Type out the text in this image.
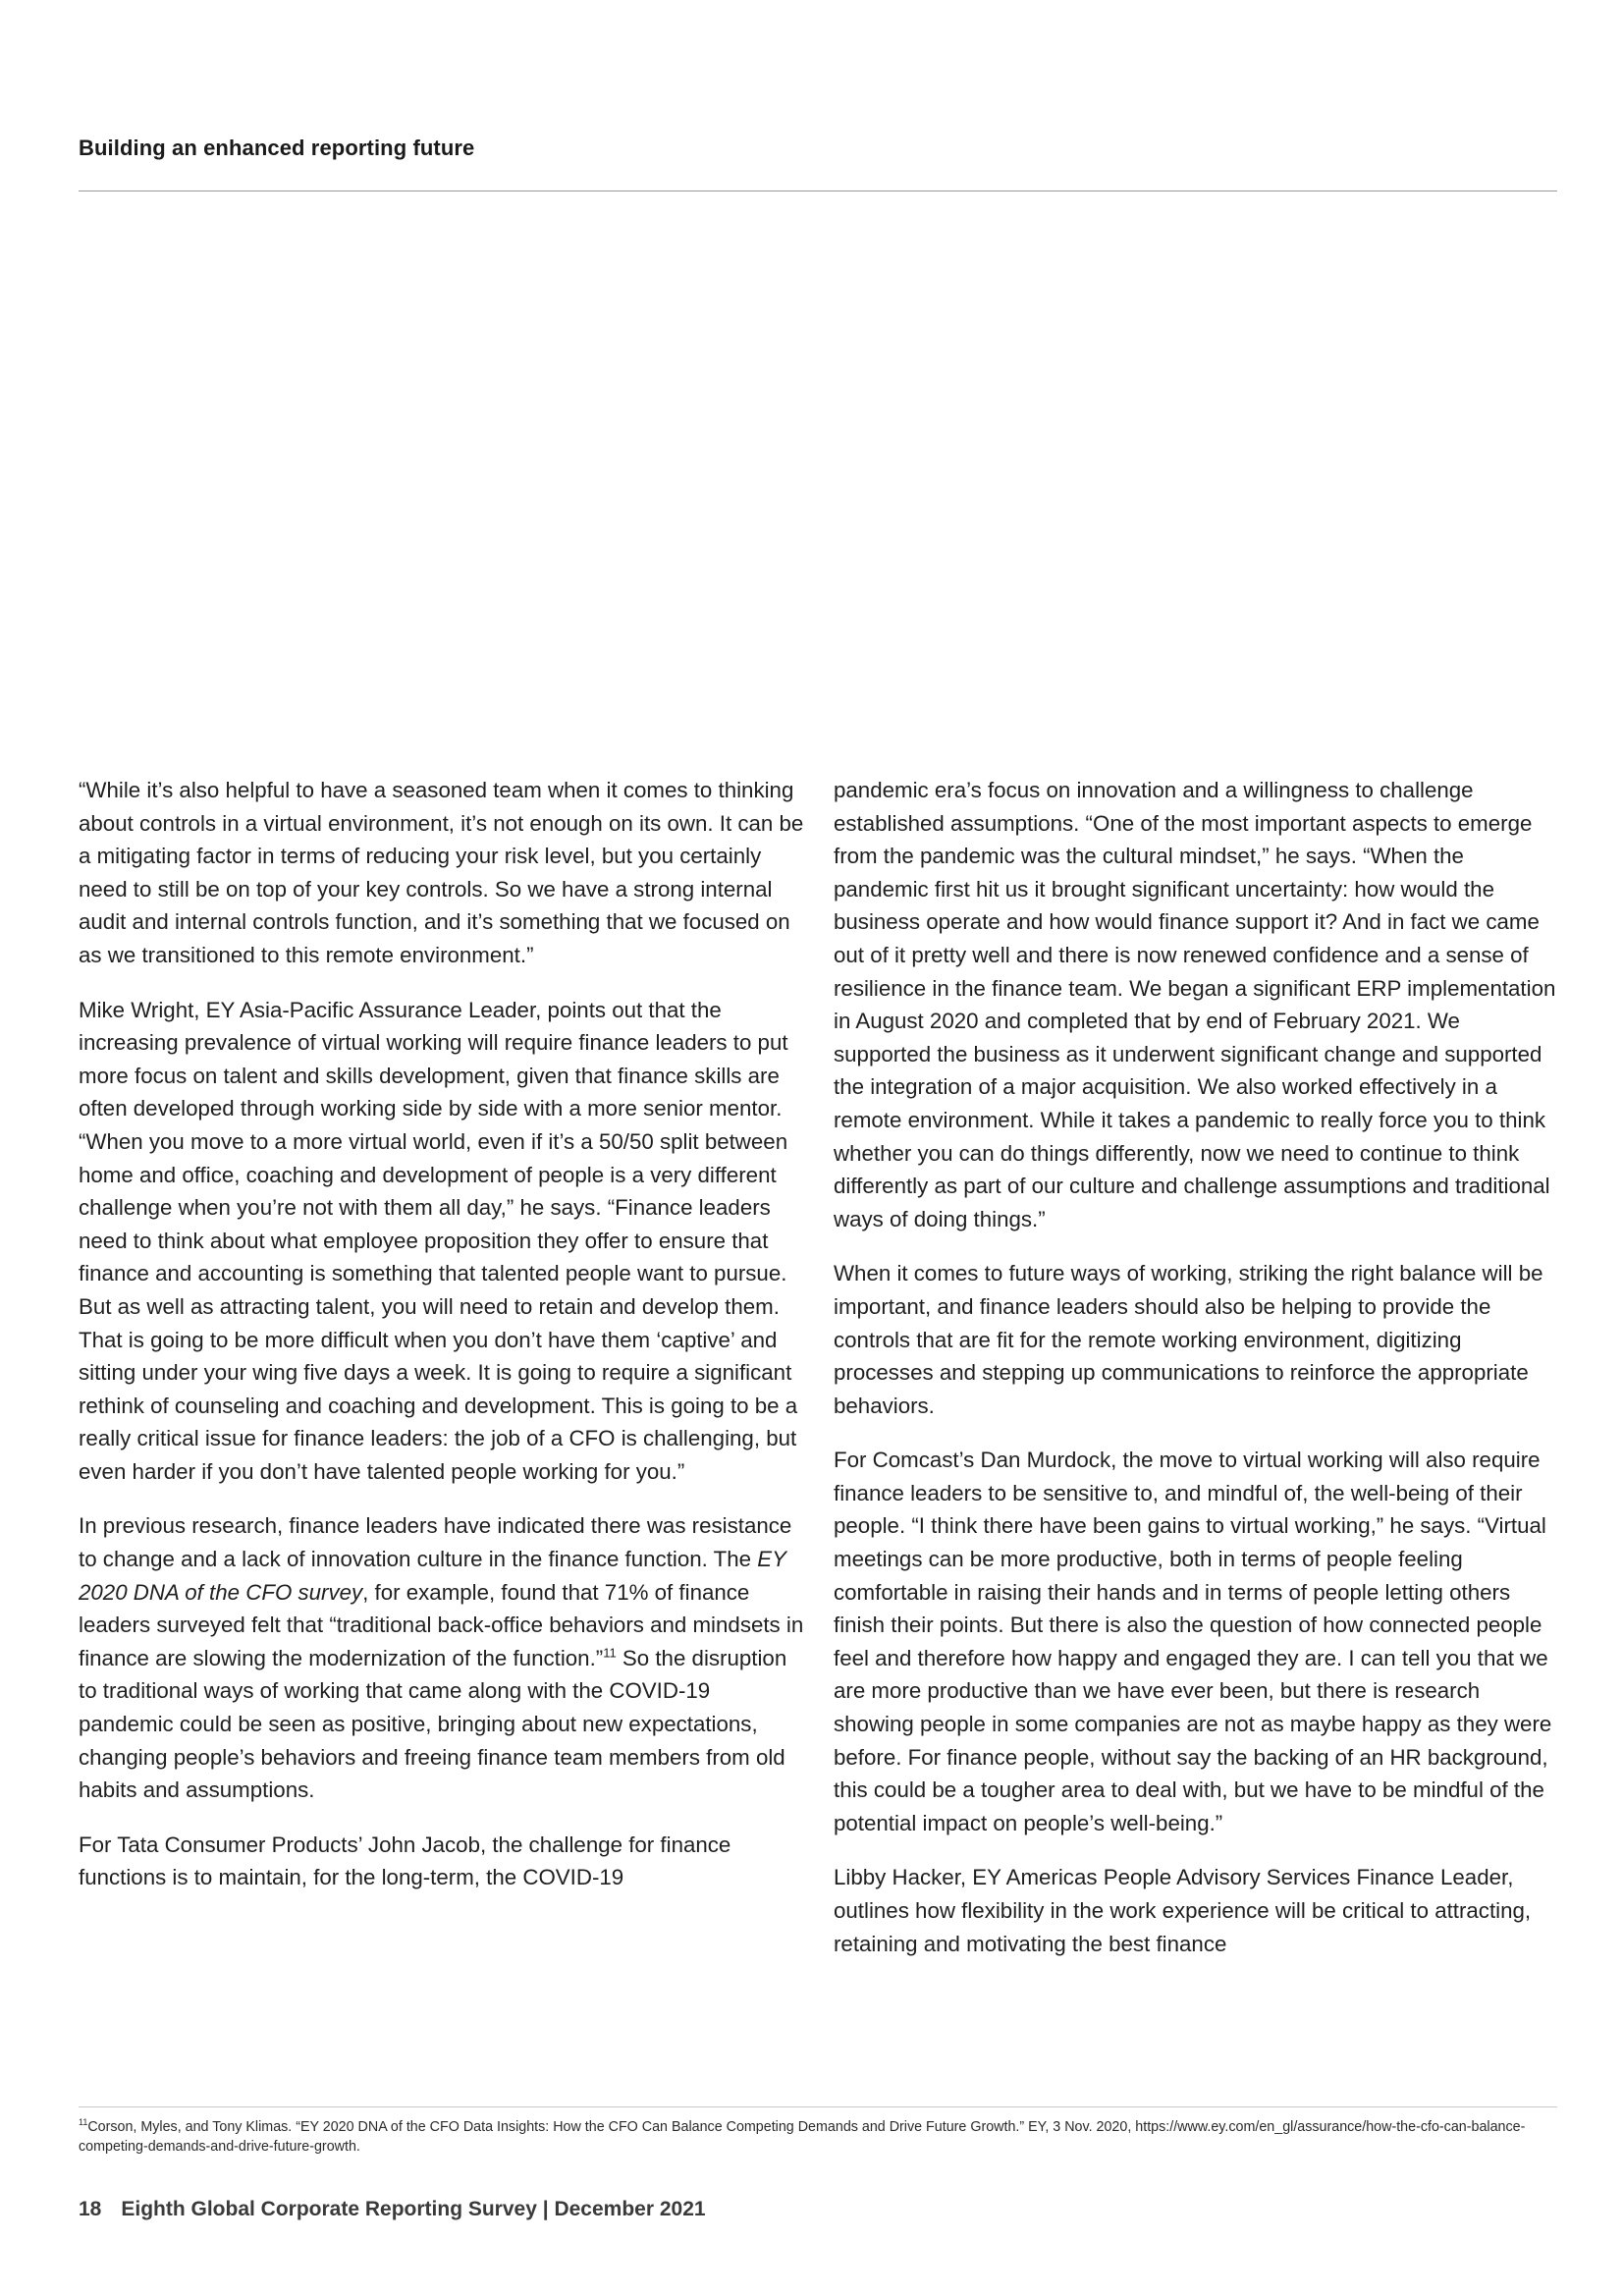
Building an enhanced reporting future

“While it’s also helpful to have a seasoned team when it comes to thinking about controls in a virtual environment, it’s not enough on its own. It can be a mitigating factor in terms of reducing your risk level, but you certainly need to still be on top of your key controls. So we have a strong internal audit and internal controls function, and it’s something that we focused on as we transitioned to this remote environment.”

Mike Wright, EY Asia-Pacific Assurance Leader, points out that the increasing prevalence of virtual working will require finance leaders to put more focus on talent and skills development, given that finance skills are often developed through working side by side with a more senior mentor. “When you move to a more virtual world, even if it’s a 50/50 split between home and office, coaching and development of people is a very different challenge when you’re not with them all day,” he says. “Finance leaders need to think about what employee proposition they offer to ensure that finance and accounting is something that talented people want to pursue. But as well as attracting talent, you will need to retain and develop them. That is going to be more difficult when you don’t have them ‘captive’ and sitting under your wing five days a week. It is going to require a significant rethink of counseling and coaching and development. This is going to be a really critical issue for finance leaders: the job of a CFO is challenging, but even harder if you don’t have talented people working for you.”

In previous research, finance leaders have indicated there was resistance to change and a lack of innovation culture in the finance function. The EY 2020 DNA of the CFO survey, for example, found that 71% of finance leaders surveyed felt that “traditional back-office behaviors and mindsets in finance are slowing the modernization of the function.”$^{11}$ So the disruption to traditional ways of working that came along with the COVID-19 pandemic could be seen as positive, bringing about new expectations, changing people’s behaviors and freeing finance team members from old habits and assumptions.

For Tata Consumer Products’ John Jacob, the challenge for finance functions is to maintain, for the long-term, the COVID-19

pandemic era’s focus on innovation and a willingness to challenge established assumptions. “One of the most important aspects to emerge from the pandemic was the cultural mindset,” he says. “When the pandemic first hit us it brought significant uncertainty: how would the business operate and how would finance support it? And in fact we came out of it pretty well and there is now renewed confidence and a sense of resilience in the finance team. We began a significant ERP implementation in August 2020 and completed that by end of February 2021. We supported the business as it underwent significant change and supported the integration of a major acquisition. We also worked effectively in a remote environment. While it takes a pandemic to really force you to think whether you can do things differently, now we need to continue to think differently as part of our culture and challenge assumptions and traditional ways of doing things.”

When it comes to future ways of working, striking the right balance will be important, and finance leaders should also be helping to provide the controls that are fit for the remote working environment, digitizing processes and stepping up communications to reinforce the appropriate behaviors.

For Comcast’s Dan Murdock, the move to virtual working will also require finance leaders to be sensitive to, and mindful of, the well-being of their people. “I think there have been gains to virtual working,” he says. “Virtual meetings can be more productive, both in terms of people feeling comfortable in raising their hands and in terms of people letting others finish their points. But there is also the question of how connected people feel and therefore how happy and engaged they are. I can tell you that we are more productive than we have ever been, but there is research showing people in some companies are not as maybe happy as they were before. For finance people, without say the backing of an HR background, this could be a tougher area to deal with, but we have to be mindful of the potential impact on people’s well-being.”

Libby Hacker, EY Americas People Advisory Services Finance Leader, outlines how flexibility in the work experience will be critical to attracting, retaining and motivating the best finance

$^{11}$Corson, Myles, and Tony Klimas. “EY 2020 DNA of the CFO Data Insights: How the CFO Can Balance Competing Demands and Drive Future Growth.” EY, 3 Nov. 2020, https://www.ey.com/en_gl/assurance/how-the-cfo-can-balance-competing-demands-and-drive-future-growth.
18 Eighth Global Corporate Reporting Survey | December 2021
